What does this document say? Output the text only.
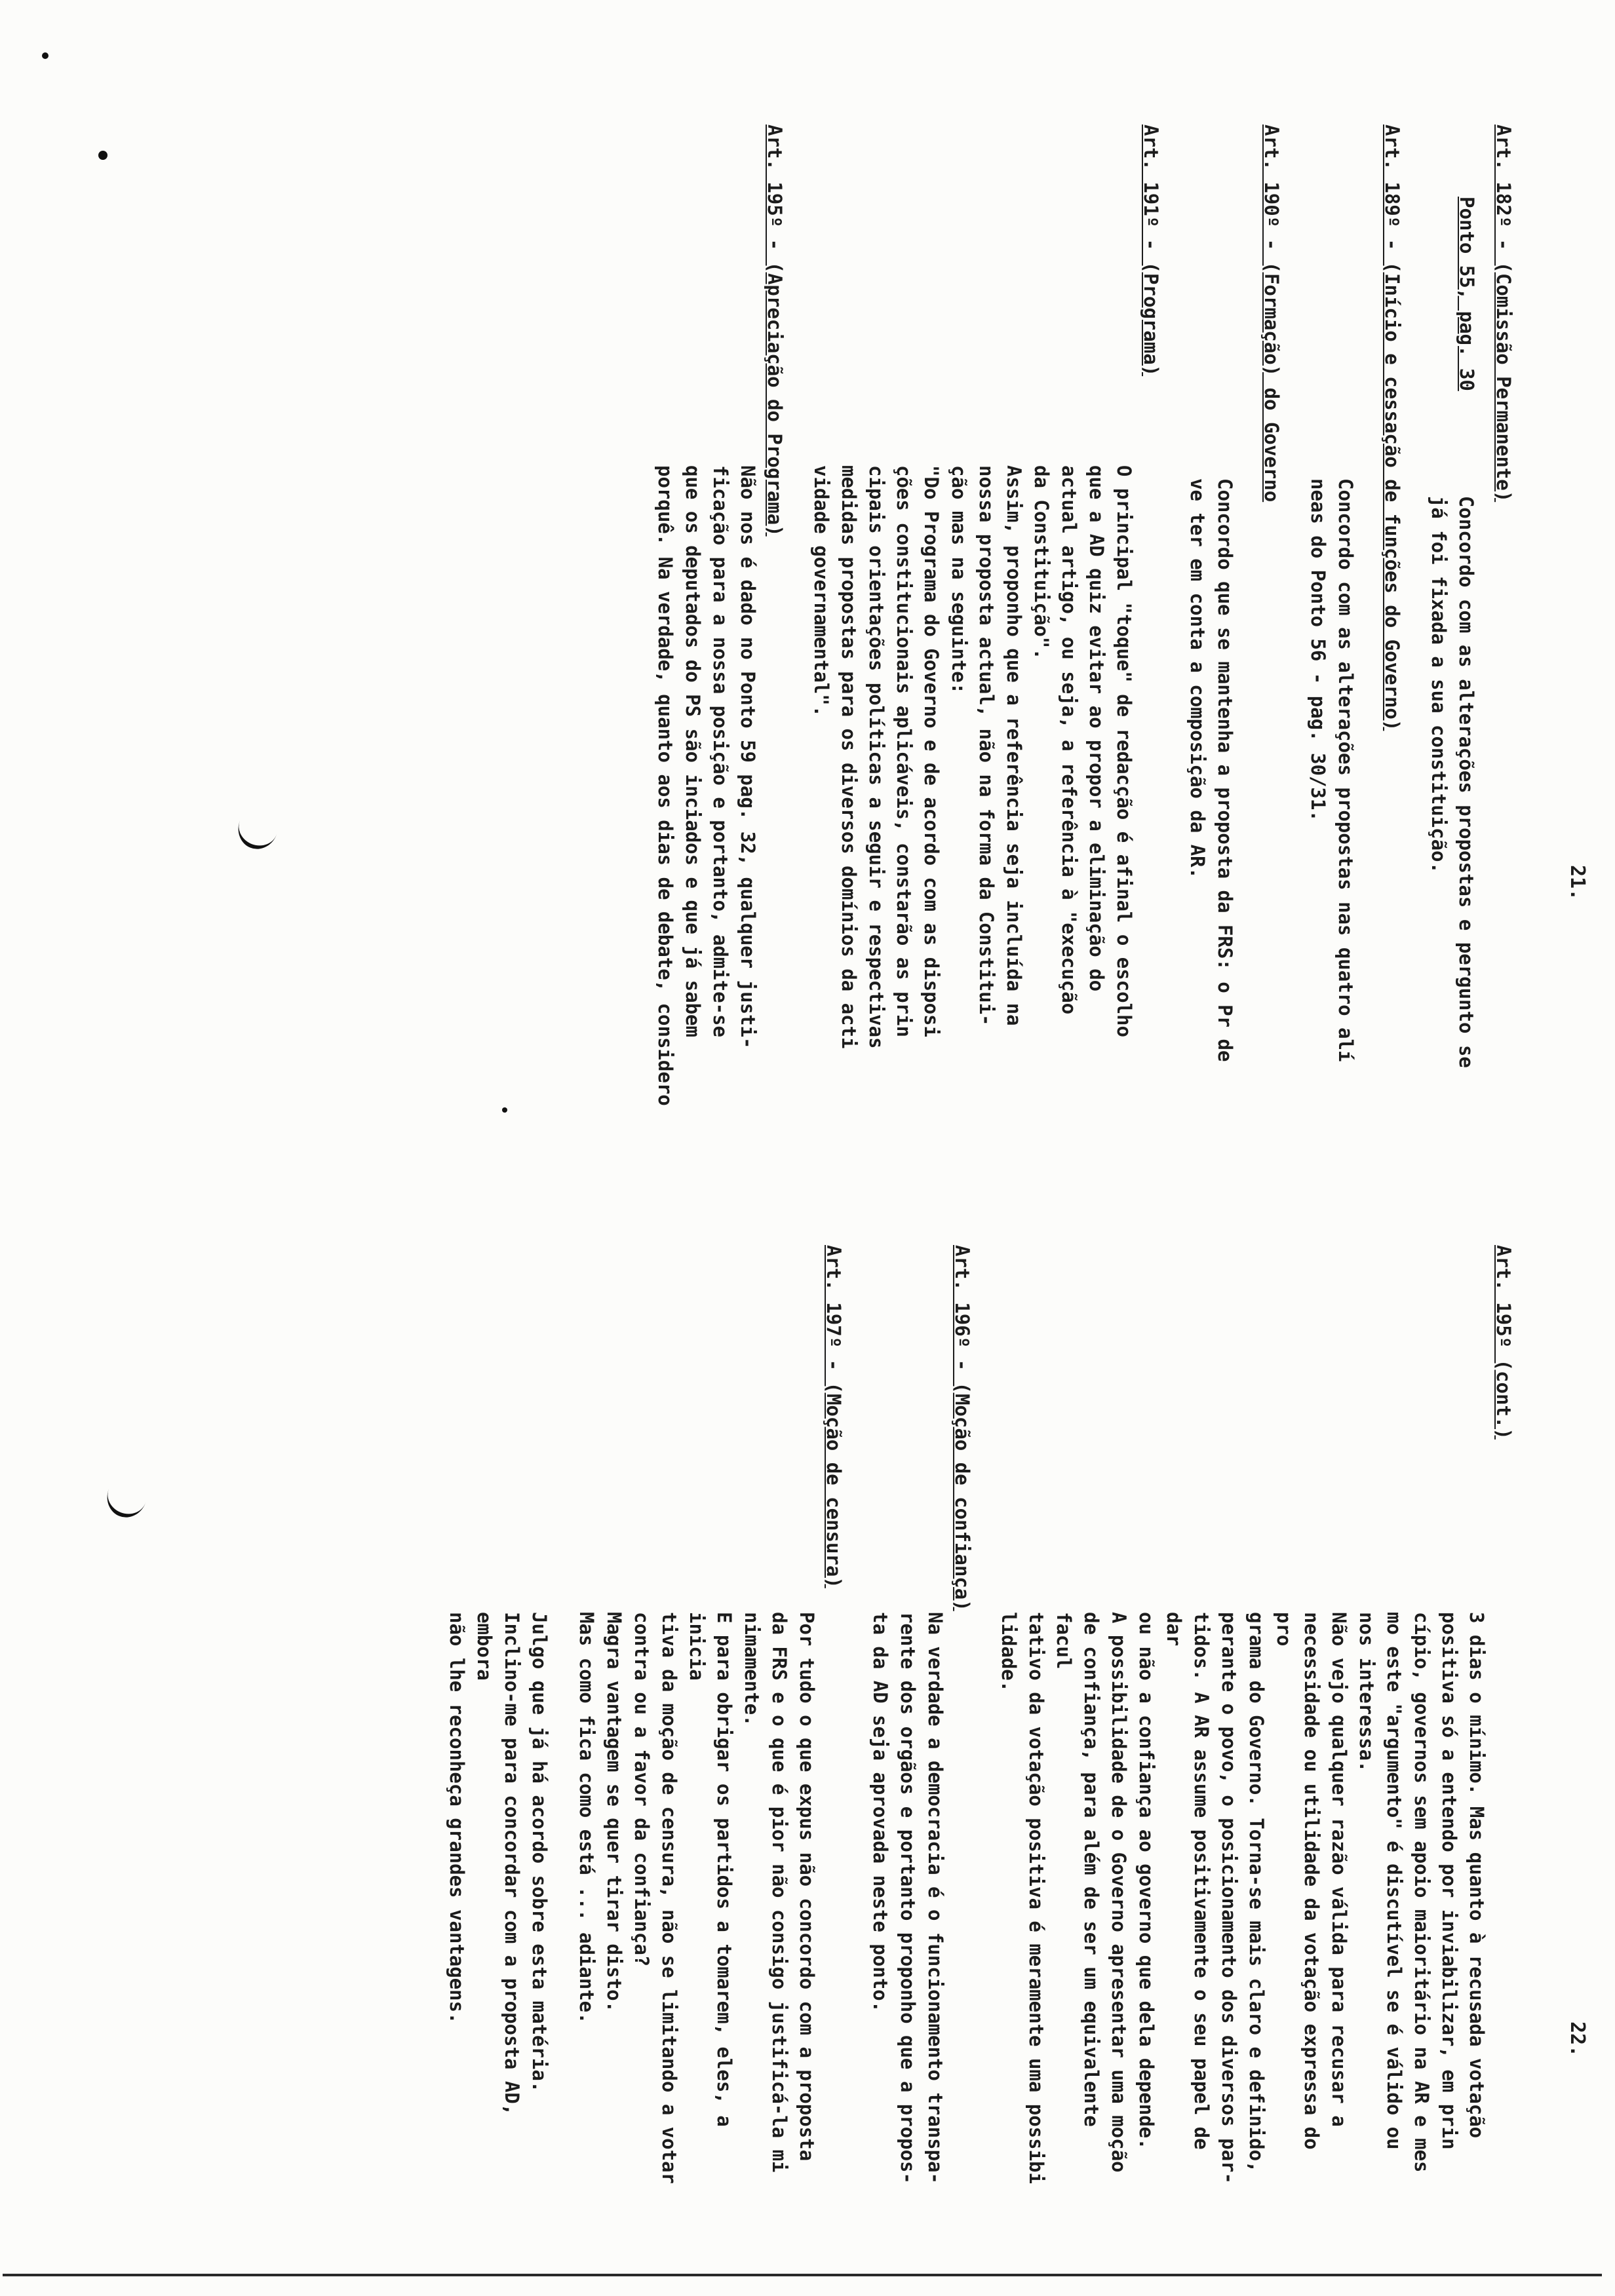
21.
22.

Art. 182º - (Comissão Permanente)

Ponto 55, pag. 30

Concordo com as alterações propostas e pergunto se
já foi fixada a sua constituição.

Art. 189º - (Início e cessação de funções do Governo)

Concordo com as alterações propostas nas quatro alí
neas do Ponto 56 - pag. 30/31.

Art. 190º - (Formação) do Governo

Concordo que se mantenha a proposta da FRS: o Pr de
ve ter em conta a composição da AR.

Art. 191º - (Programa)

O principal "toque" de redacção é afinal o escolho
que a AD quiz evitar ao propor a eliminação do
actual artigo, ou seja, a referência à "execução
da Constituição".
Assim, proponho que a referência seja incluída na
nossa proposta actual, não na forma da Constitui-
ção mas na seguinte:
"Do Programa do Governo e de acordo com as disposi
ções constitucionais aplicáveis, constarão as prin
cipais orientações políticas a seguir e respectivas
medidas propostas para os diversos domínios da acti
vidade governamental".

Art. 195º - (Apreciação do Programa)

Não nos é dado no Ponto 59 pag. 32, qualquer justi-
ficação para a nossa posição e portanto, admite-se
que os deputados do PS são inciados e que já sabem
porquê. Na verdade, quanto aos dias de debate, considero

Art. 195º (cont.)

3 dias o mínimo. Mas quanto à recusada votação
positiva só a entendo por inviabilizar, em prin
cípio, governos sem apoio maioritário na AR e mes
mo este "argumento" é discutível se é válido ou
nos interessa.

Não vejo qualquer razão válida para recusar a
necessidade ou utilidade da votação expressa do pro
grama do Governo. Torna-se mais claro e definido,
perante o povo, o posicionamento dos diversos par-
tidos. A AR assume positivamente o seu papel de dar
ou não a confiança ao governo que dela depende.

A possibilidade de o Governo apresentar uma moção
de confiança, para além de ser um equivalente facul
tativo da votação positiva é meramente uma possibi
lidade.

Art. 196º - (Moção de confiança)

Na verdade a democracia é o funcionamento transpa-
rente dos orgãos e portanto proponho que a propos-
ta da AD seja aprovada neste ponto.

Art. 197º - (Moção de censura)

Por tudo o que expus não concordo com a proposta
da FRS e o que é pior não consigo justificá-la mi
nimamente.
E para obrigar os partidos a tomarem, eles, a inicia
tiva da moção de censura, não se limitando a votar
contra ou a favor da confiança?
Magra vantagem se quer tirar disto.
Mas como fica como está ... adiante.

Julgo que já há acordo sobre esta matéria.
Inclino-me para concordar com a proposta AD, embora
não lhe reconheça grandes vantagens.
